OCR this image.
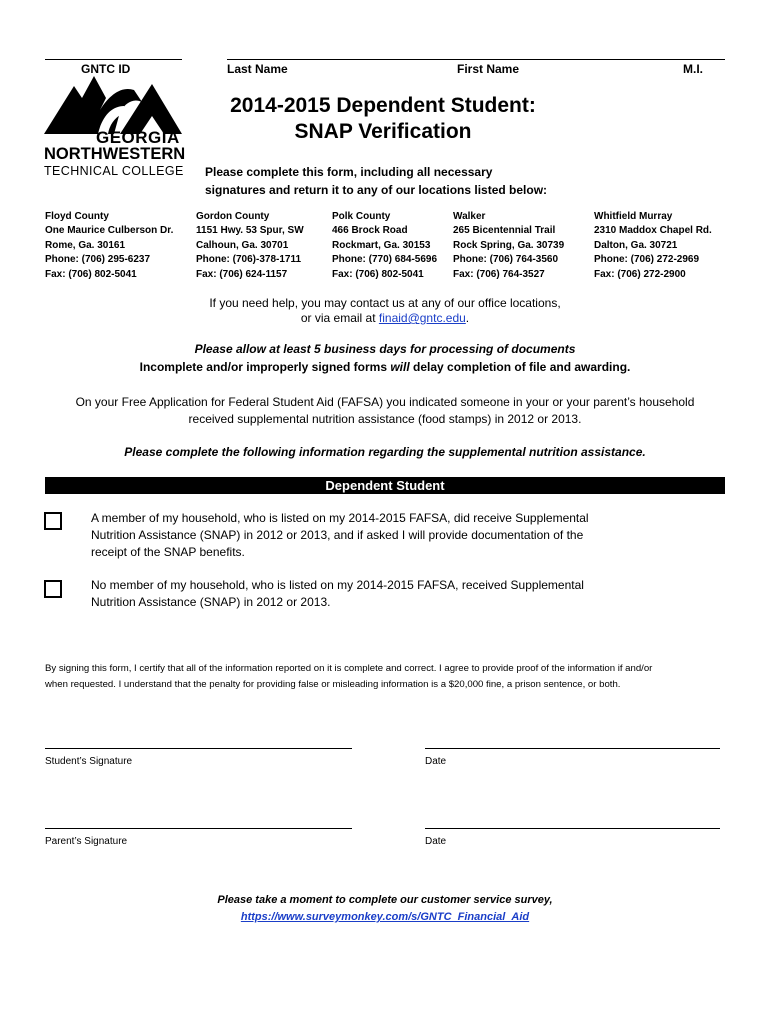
GNTC ID	Last Name	First Name	M.I.
GEORGIA
NORTHWESTERN
TECHNICAL COLLEGE
2014-2015 Dependent Student:
SNAP Verification
Please complete this form, including all necessary
signatures and return it to any of our locations listed below:
Floyd County
One Maurice Culberson Dr.
Rome, Ga. 30161
Phone: (706) 295-6237
Fax: (706) 802-5041
Gordon County
1151 Hwy. 53 Spur, SW
Calhoun, Ga. 30701
Phone: (706)-378-1711
Fax: (706) 624-1157
Polk County
466 Brock Road
Rockmart, Ga. 30153
Phone: (770) 684-5696
Fax: (706) 802-5041
Walker
265 Bicentennial Trail
Rock Spring, Ga. 30739
Phone: (706) 764-3560
Fax: (706) 764-3527
Whitfield Murray
2310 Maddox Chapel Rd.
Dalton, Ga. 30721
Phone: (706) 272-2969
Fax: (706) 272-2900
If you need help, you may contact us at any of our office locations,
or via email at finaid@gntc.edu.
Please allow at least 5 business days for processing of documents
Incomplete and/or improperly signed forms will delay completion of file and awarding.
On your Free Application for Federal Student Aid (FAFSA) you indicated someone in your or your parent’s household
received supplemental nutrition assistance (food stamps) in 2012 or 2013.
Please complete the following information regarding the supplemental nutrition assistance.
Dependent Student
A member of my household, who is listed on my 2014-2015 FAFSA, did receive Supplemental
Nutrition Assistance (SNAP) in 2012 or 2013, and if asked I will provide documentation of the
receipt of the SNAP benefits.
No member of my household, who is listed on my 2014-2015 FAFSA, received Supplemental
Nutrition Assistance (SNAP) in 2012 or 2013.
By signing this form, I certify that all of the information reported on it is complete and correct. I agree to provide proof of the information if and/or
when requested. I understand that the penalty for providing false or misleading information is a $20,000 fine, a prison sentence, or both.
Student’s Signature	Date
Parent’s Signature	Date
Please take a moment to complete our customer service survey,
https://www.surveymonkey.com/s/GNTC_Financial_Aid
